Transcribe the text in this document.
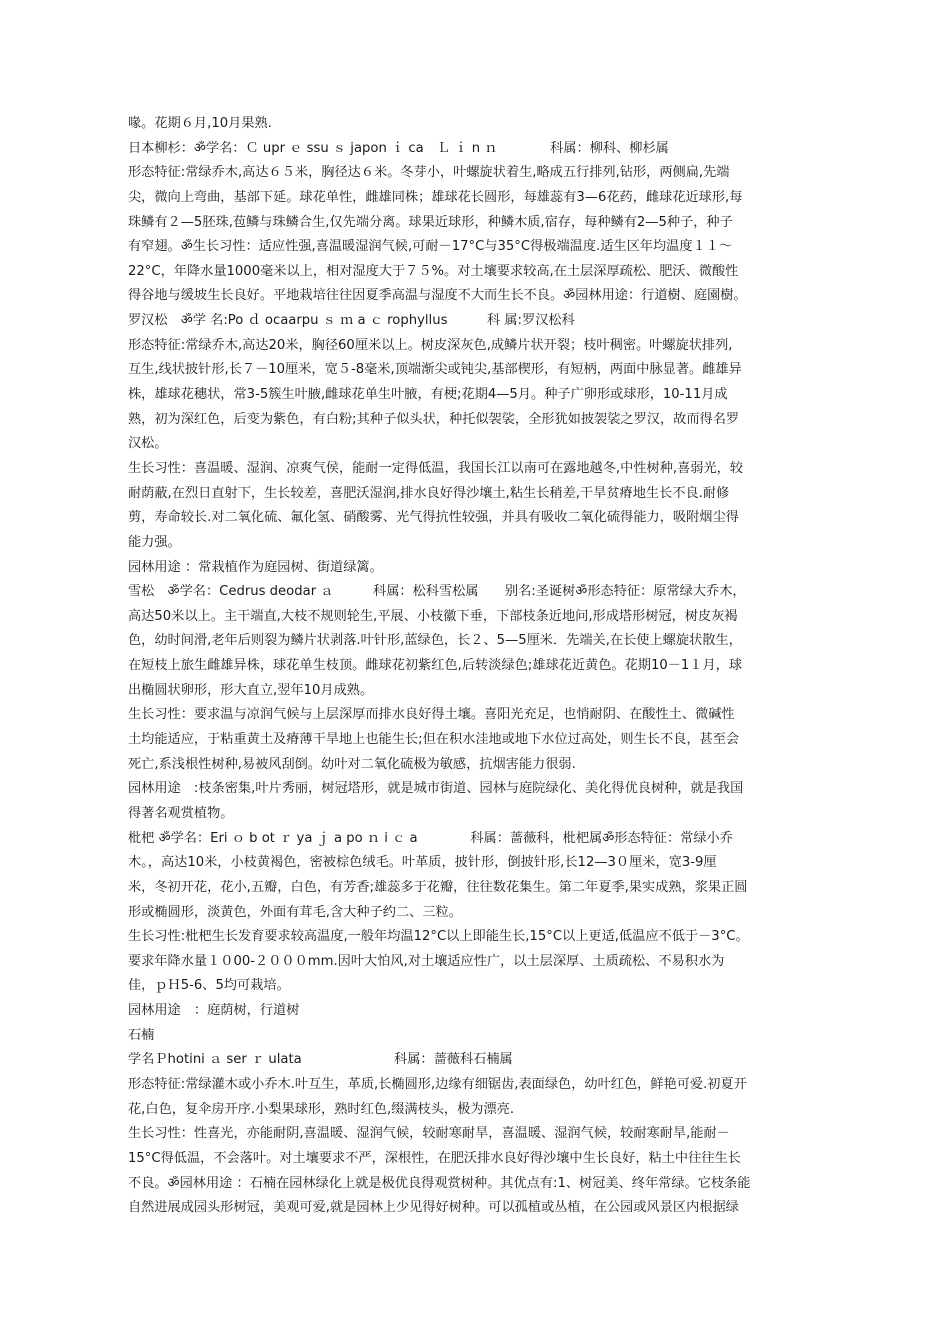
喙。花期６月,10月果熟.
日本柳杉：ॐ学名：Ｃ upr ｅ ssu ｓ japon ｉ ca　Ｌ ｉ n ｎ　　　　科属：柳科、柳杉属
形态特征:常绿乔木,高达６５米，胸径达６米。冬芽小，叶螺旋状着生,略成五行排列,钻形，两侧扁,先端
尖，微向上弯曲，基部下延。球花单性，雌雄同株；雄球花长圆形，每雄蕊有3—6花药，雌球花近球形,每
珠鳞有２—5胚珠,苞鳞与珠鳞合生,仅先端分离。球果近球形，种鳞木质,宿存，每种鳞有2—5种子，种子
有窄翅。ॐ生长习性：适应性强,喜温暖湿润气候,可耐－17°C与35°C得极端温度.适生区年均温度１１～
22°C，年降水量1000毫米以上，相对湿度大于７５%。对土壤要求较高,在土层深厚疏松、肥沃、微酸性
得谷地与缓坡生长良好。平地栽培往往因夏季高温与湿度不大而生长不良。ॐ园林用途：行道樹、庭園樹。
罗汉松　ॐ学 名:Po ｄ ocaarpu ｓ ｍ a ｃ rophyllus　　　科 属:罗汉松科
形态特征:常绿乔木,高达20米，胸径60厘米以上。树皮深灰色,成鳞片状开裂；枝叶稠密。叶螺旋状排列,
互生,线状披针形,长７－10厘米，宽５-8毫米,顶端渐尖或钝尖,基部楔形，有短柄，两面中脉显著。雌雄异
株，雄球花穗状，常3-5簇生叶腋,雌球花单生叶腋，有梗;花期4—5月。种子广卵形或球形，10-11月成
熟，初为深红色，后变为紫色，有白粉;其种子似头状，种托似袈裟，全形犹如披袈裟之罗汉，故而得名罗
汉松。
生长习性：喜温暖、湿润、凉爽气侯，能耐一定得低温，我国长江以南可在露地越冬,中性树种,喜弱光，较
耐荫蔽,在烈日直射下，生长较差，喜肥沃湿润,排水良好得沙壤土,粘生长稍差,干旱贫瘠地生长不良.耐修
剪，寿命较长.对二氧化硫、氟化氢、硝酸雾、光气得抗性较强，并具有吸收二氧化硫得能力，吸附烟尘得
能力强。
园林用途 ：常栽植作为庭园树、街道绿篱。
雪松　ॐ学名：Cedrus deodar ａ　　　科属：松科雪松属　　别名:圣诞树ॐ形态特征：原常绿大乔木，
高达50米以上。主干端直,大枝不规则轮生,平展、小枝徽下垂，下部枝条近地问,形成塔形树冠，树皮灰褐
色，幼时间滑,老年后则裂为鳞片状剥落.叶针形,蓝绿色，长２、5—5厘米．先端关,在长使上螺旋状散生，
在短枝上旅生雌雄异株，球花单生枝顶。雌球花初紫红色,后转淡绿色;雄球花近黄色。花期10－1１月，球
出椭圆状卵形，形大直立,翌年10月成熟。
生长习性：要求温与凉润气候与上层深厚而排水良好得土壤。喜阳光充足，也悄耐阴、在酸性土、微碱性
土均能适应，于粘重黄土及瘠薄干旱地上也能生长;但在积水洼地或地下水位过高处，则生长不良，甚至会
死亡,系浅根性树种,易被风刮倒。幼叶对二氧化硫极为敏感，抗烟害能力很弱.
园林用途　:枝条密集,叶片秀丽，树冠塔形，就是城市街道、园林与庭院绿化、美化得优良树种，就是我国
得著名观赏植物。
枇杷 ॐ学名：Eri ｏ b ot ｒ ya ｊ a po ｎ i ｃ a　　　　科属：蔷薇科，枇杷属ॐ形态特征：常绿小乔
木。，高达10米，小枝黄褐色，密被棕色绒毛。叶革质，披针形，倒披针形,长12—3０厘米，宽3-9厘
米，冬初开花，花小,五瓣，白色，有芳香;雄蕊多于花瓣，往往数花集生。第二年夏季,果实成熟，浆果正圆
形或椭圆形，淡黄色，外面有茸毛,含大种子约二、三粒。
生长习性:枇杷生长发育要求较高温度,一般年均温12°C以上即能生长,15°C以上更适,低温应不低于－3°C。
要求年降水量１０00-２０００mm.因叶大怕风,对土壤适应性广，以土层深厚、土质疏松、不易积水为
佳，ｐＨ5-6、5均可栽培。
园林用途　：庭荫树，行道树
石楠
学名Ｐhotini ａ ser ｒ ulata　　　　　　　科属：蔷薇科石楠属
形态特征:常绿灌木或小乔木.叶互生，革质,长椭圆形,边缘有细锯齿,表面绿色，幼叶红色，鲜艳可爱.初夏开
花,白色，复伞房开序.小梨果球形，熟时红色,缀满枝头，极为漂亮.
生长习性：性喜光，亦能耐阴,喜温暖、湿润气候，较耐寒耐旱，喜温暖、湿润气候，较耐寒耐旱,能耐－
15°C得低温，不会落叶。对土壤要求不严，深根性，在肥沃排水良好得沙壤中生长良好，粘土中往往生长
不良。ॐ园林用途 ：石楠在园林绿化上就是极优良得观赏树种。其优点有:1、树冠美、终年常绿。它枝条能
自然进展成园头形树冠，美观可爱,就是园林上少见得好树种。可以孤植或丛植，在公园或风景区内根据绿
